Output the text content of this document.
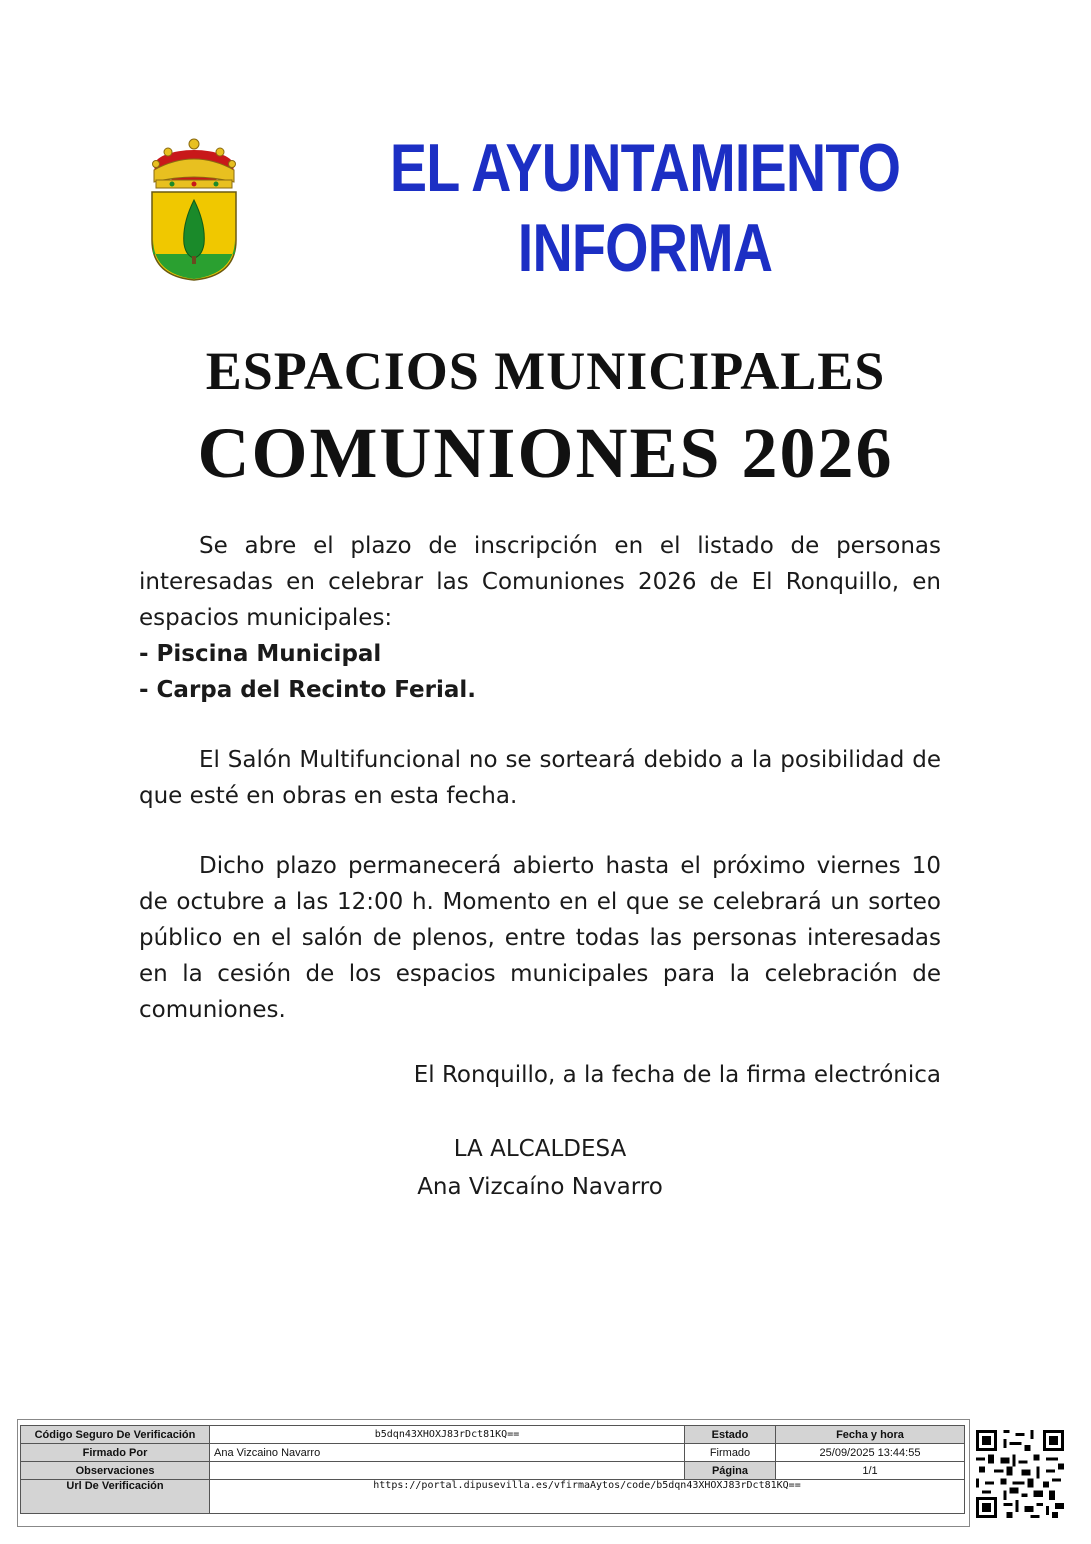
EL AYUNTAMIENTO
INFORMA
ESPACIOS MUNICIPALES
COMUNIONES 2026

Se abre el plazo de inscripción en el listado de personas interesadas en celebrar las Comuniones 2026 de El Ronquillo, en espacios municipales:

- Piscina Municipal

- Carpa del Recinto Ferial.

El Salón Multifuncional no se sorteará debido a la posibilidad de que esté en obras en esta fecha.

Dicho plazo permanecerá abierto hasta el próximo viernes 10 de octubre a las 12:00 h. Momento en el que se celebrará un sorteo público en el salón de plenos, entre todas las personas interesadas en la cesión de los espacios municipales para la celebración de comuniones.

El Ronquillo, a la fecha de la firma electrónica
LA ALCALDESA
Ana Vizcaíno Navarro
Código Seguro De Verificación	b5dqn43XHOXJ83rDct81KQ==	Estado	Fecha y hora
Firmado Por	Ana Vizcaino Navarro	Firmado	25/09/2025 13:44:55
Observaciones		Página	1/1
Url De Verificación	https://portal.dipusevilla.es/vfirmaAytos/code/b5dqn43XHOXJ83rDct81KQ==		
